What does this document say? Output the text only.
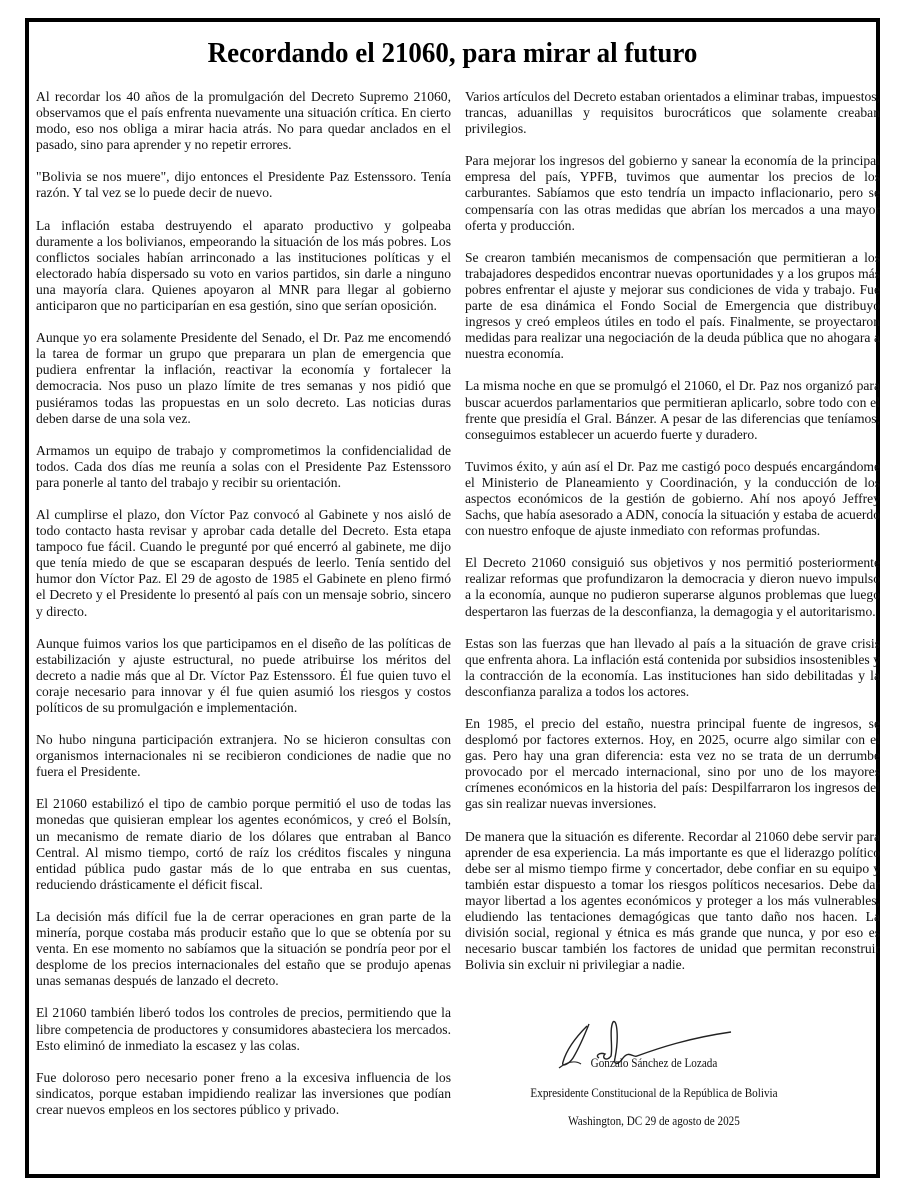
Recordando el 21060, para mirar al futuro

Al recordar los 40 años de la promulgación del Decreto Supremo 21060, observamos que el país enfrenta nuevamente una situación crítica. En cierto modo, eso nos obliga a mirar hacia atrás. No para quedar anclados en el pasado, sino para aprender y no repetir errores.

"Bolivia se nos muere", dijo entonces el Presidente Paz Estenssoro. Tenía razón. Y tal vez se lo puede decir de nuevo.

La inflación estaba destruyendo el aparato productivo y golpeaba duramente a los bolivianos, empeorando la situación de los más pobres. Los conflictos sociales habían arrinconado a las instituciones políticas y el electorado había dispersado su voto en varios partidos, sin darle a ninguno una mayoría clara. Quienes apoyaron al MNR para llegar al gobierno anticiparon que no participarían en esa gestión, sino que serían oposición.

Aunque yo era solamente Presidente del Senado, el Dr. Paz me encomendó la tarea de formar un grupo que preparara un plan de emergencia que pudiera enfrentar la inflación, reactivar la economía y fortalecer la democracia. Nos puso un plazo límite de tres semanas y nos pidió que pusiéramos todas las propuestas en un solo decreto. Las noticias duras deben darse de una sola vez.

Armamos un equipo de trabajo y comprometimos la confidencialidad de todos. Cada dos días me reunía a solas con el Presidente Paz Estenssoro para ponerle al tanto del trabajo y recibir su orientación.

Al cumplirse el plazo, don Víctor Paz convocó al Gabinete y nos aisló de todo contacto hasta revisar y aprobar cada detalle del Decreto. Esta etapa tampoco fue fácil. Cuando le pregunté por qué encerró al gabinete, me dijo que tenía miedo de que se escaparan después de leerlo. Tenía sentido del humor don Víctor Paz. El 29 de agosto de 1985 el Gabinete en pleno firmó el Decreto y el Presidente lo presentó al país con un mensaje sobrio, sincero y directo.

Aunque fuimos varios los que participamos en el diseño de las políticas de estabilización y ajuste estructural, no puede atribuirse los méritos del decreto a nadie más que al Dr. Víctor Paz Estenssoro. Él fue quien tuvo el coraje necesario para innovar y él fue quien asumió los riesgos y costos políticos de su promulgación e implementación.

No hubo ninguna participación extranjera. No se hicieron consultas con organismos internacionales ni se recibieron condiciones de nadie que no fuera el Presidente.

El 21060 estabilizó el tipo de cambio porque permitió el uso de todas las monedas que quisieran emplear los agentes económicos, y creó el Bolsín, un mecanismo de remate diario de los dólares que entraban al Banco Central. Al mismo tiempo, cortó de raíz los créditos fiscales y ninguna entidad pública pudo gastar más de lo que entraba en sus cuentas, reduciendo drásticamente el déficit fiscal.

La decisión más difícil fue la de cerrar operaciones en gran parte de la minería, porque costaba más producir estaño que lo que se obtenía por su venta. En ese momento no sabíamos que la situación se pondría peor por el desplome de los precios internacionales del estaño que se produjo apenas unas semanas después de lanzado el decreto.

El 21060 también liberó todos los controles de precios, permitiendo que la libre competencia de productores y consumidores abasteciera los mercados. Esto eliminó de inmediato la escasez y las colas.

Fue doloroso pero necesario poner freno a la excesiva influencia de los sindicatos, porque estaban impidiendo realizar las inversiones que podían crear nuevos empleos en los sectores público y privado.

Varios artículos del Decreto estaban orientados a eliminar trabas, impuestos, trancas, aduanillas y requisitos burocráticos que solamente creaban privilegios.

Para mejorar los ingresos del gobierno y sanear la economía de la principal empresa del país, YPFB, tuvimos que aumentar los precios de los carburantes. Sabíamos que esto tendría un impacto inflacionario, pero se compensaría con las otras medidas que abrían los mercados a una mayor oferta y producción.

Se crearon también mecanismos de compensación que permitieran a los trabajadores despedidos encontrar nuevas oportunidades y a los grupos más pobres enfrentar el ajuste y mejorar sus condiciones de vida y trabajo. Fue parte de esa dinámica el Fondo Social de Emergencia que distribuyó ingresos y creó empleos útiles en todo el país. Finalmente, se proyectaron medidas para realizar una negociación de la deuda pública que no ahogara a nuestra economía.

La misma noche en que se promulgó el 21060, el Dr. Paz nos organizó para buscar acuerdos parlamentarios que permitieran aplicarlo, sobre todo con el frente que presidía el Gral. Bánzer. A pesar de las diferencias que teníamos, conseguimos establecer un acuerdo fuerte y duradero.

Tuvimos éxito, y aún así el Dr. Paz me castigó poco después encargándome el Ministerio de Planeamiento y Coordinación, y la conducción de los aspectos económicos de la gestión de gobierno. Ahí nos apoyó Jeffrey Sachs, que había asesorado a ADN, conocía la situación y estaba de acuerdo con nuestro enfoque de ajuste inmediato con reformas profundas.

El Decreto 21060 consiguió sus objetivos y nos permitió posteriormente realizar reformas que profundizaron la democracia y dieron nuevo impulso a la economía, aunque no pudieron superarse algunos problemas que luego despertaron las fuerzas de la desconfianza, la demagogia y el autoritarismo.

Estas son las fuerzas que han llevado al país a la situación de grave crisis que enfrenta ahora. La inflación está contenida por subsidios insostenibles y la contracción de la economía. Las instituciones han sido debilitadas y la desconfianza paraliza a todos los actores.

En 1985, el precio del estaño, nuestra principal fuente de ingresos, se desplomó por factores externos. Hoy, en 2025, ocurre algo similar con el gas. Pero hay una gran diferencia: esta vez no se trata de un derrumbe provocado por el mercado internacional, sino por uno de los mayores crímenes económicos en la historia del país: Despilfarraron los ingresos del gas sin realizar nuevas inversiones.

De manera que la situación es diferente. Recordar al 21060 debe servir para aprender de esa experiencia. La más importante es que el liderazgo político debe ser al mismo tiempo firme y concertador, debe confiar en su equipo y también estar dispuesto a tomar los riesgos políticos necesarios. Debe dar mayor libertad a los agentes económicos y proteger a los más vulnerables, eludiendo las tentaciones demagógicas que tanto daño nos hacen. La división social, regional y étnica es más grande que nunca, y por eso es necesario buscar también los factores de unidad que permitan reconstruir Bolivia sin excluir ni privilegiar a nadie.

Gonzalo Sánchez de Lozada
Expresidente Constitucional de la República de Bolivia
Washington, DC 29 de agosto de 2025
